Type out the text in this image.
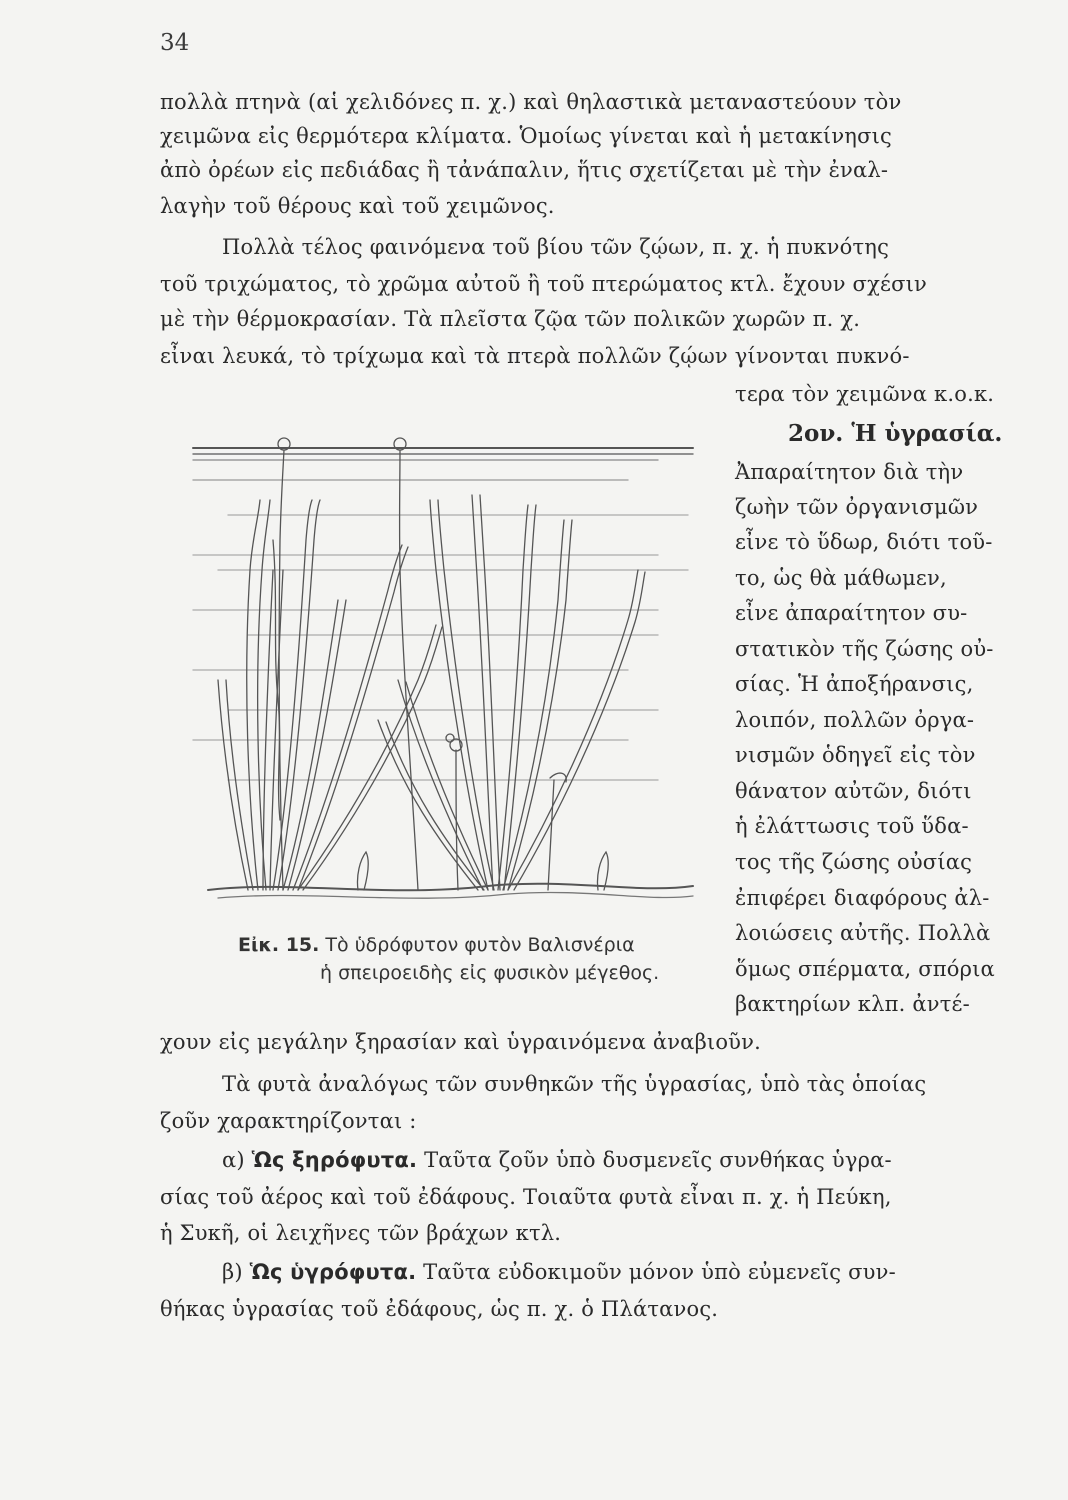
34
πολλὰ πτηνὰ (αἱ χελιδόνες π. χ.) καὶ θηλαστικὰ μεταναστεύουν τὸν
χειμῶνα εἰς θερμότερα κλίματα. Ὁμοίως γίνεται καὶ ἡ μετακίνησις
ἀπὸ ὀρέων εἰς πεδιάδας ἢ τἀνάπαλιν, ἥτις σχετίζεται μὲ τὴν ἐναλ-
λαγὴν τοῦ θέρους καὶ τοῦ χειμῶνος.
Πολλὰ τέλος φαινόμενα τοῦ βίου τῶν ζῴων, π. χ. ἡ πυκνότης
τοῦ τριχώματος, τὸ χρῶμα αὐτοῦ ἢ τοῦ πτερώματος κτλ. ἔχουν σχέσιν
μὲ τὴν θέρμοκρασίαν. Τὰ πλεῖστα ζῷα τῶν πολικῶν χωρῶν π. χ.
εἶναι λευκά, τὸ τρίχωμα καὶ τὰ πτερὰ πολλῶν ζῴων γίνονται πυκνό-
τερα τὸν χειμῶνα κ.ο.κ.
2ον. Ἡ ὑγρασία.
Ἀπαραίτητον διὰ τὴν
ζωὴν τῶν ὀργανισμῶν
εἶνε τὸ ὕδωρ, διότι τοῦ-
το, ὡς θὰ μάθωμεν,
εἶνε ἀπαραίτητον συ-
στατικὸν τῆς ζώσης οὐ-
σίας. Ἡ ἀποξήρανσις,
λοιπόν, πολλῶν ὀργα-
νισμῶν ὁδηγεῖ εἰς τὸν
θάνατον αὐτῶν, διότι
ἡ ἐλάττωσις τοῦ ὕδα-
τος τῆς ζώσης οὐσίας
ἐπιφέρει διαφόρους ἀλ-
λοιώσεις αὐτῆς. Πολλὰ
ὅμως σπέρματα, σπόρια
βακτηρίων κλπ. ἀντέ-
Εἰκ. 15. Τὸ ὑδρόφυτον φυτὸν Βαλισνέρια
ἡ σπειροειδὴς εἰς φυσικὸν μέγεθος.
χουν εἰς μεγάλην ξηρασίαν καὶ ὑγραινόμενα ἀναβιοῦν.
Τὰ φυτὰ ἀναλόγως τῶν συνθηκῶν τῆς ὑγρασίας, ὑπὸ τὰς ὁποίας
ζοῦν χαρακτηρίζονται :
α) Ὡς ξηρόφυτα. Ταῦτα ζοῦν ὑπὸ δυσμενεῖς συνθήκας ὑγρα-
σίας τοῦ ἀέρος καὶ τοῦ ἐδάφους. Τοιαῦτα φυτὰ εἶναι π. χ. ἡ Πεύκη,
ἡ Συκῆ, οἱ λειχῆνες τῶν βράχων κτλ.
β) Ὡς ὑγρόφυτα. Ταῦτα εὐδοκιμοῦν μόνον ὑπὸ εὐμενεῖς συν-
θήκας ὑγρασίας τοῦ ἐδάφους, ὡς π. χ. ὁ Πλάτανος.
